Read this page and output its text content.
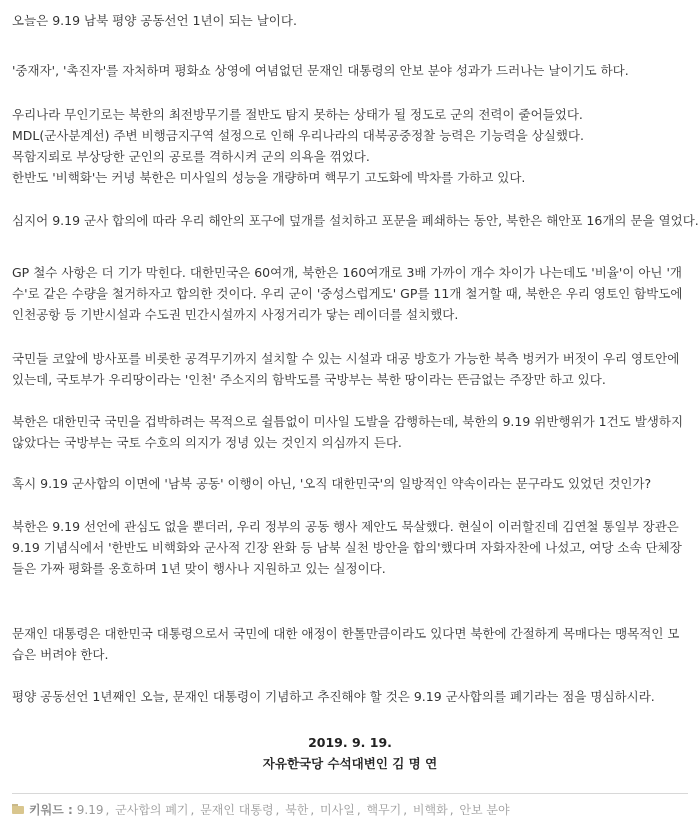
오늘은 9.19 남북 평양 공동선언 1년이 되는 날이다.
'중재자', '촉진자'를 자처하며 평화쇼 상영에 여념없던 문재인 대통령의 안보 분야 성과가 드러나는 날이기도 하다.
우리나라 무인기로는 북한의 최전방무기를 절반도 탐지 못하는 상태가 될 정도로 군의 전력이 줄어들었다.
MDL(군사분계선) 주변 비행금지구역 설정으로 인해 우리나라의 대북공중정찰 능력은 기능력을 상실했다.
목함지뢰로 부상당한 군인의 공로를 격하시켜 군의 의욕을 꺾었다.
한반도 '비핵화'는 커녕 북한은 미사일의 성능을 개량하며 핵무기 고도화에 박차를 가하고 있다.
심지어 9.19 군사 합의에 따라 우리 해안의 포구에 덮개를 설치하고 포문을 폐쇄하는 동안, 북한은 해안포 16개의 문을 열었다.
GP 철수 사항은 더 기가 막힌다. 대한민국은 60여개, 북한은 160여개로 3배 가까이 개수 차이가 나는데도 '비율'이 아닌 '개
수'로 같은 수량을 철거하자고 합의한 것이다. 우리 군이 '중성스럽게도' GP를 11개 철거할 때, 북한은 우리 영토인 함박도에
인천공항 등 기반시설과 수도권 민간시설까지 사정거리가 닿는 레이더를 설치했다.
국민들 코앞에 방사포를 비롯한 공격무기까지 설치할 수 있는 시설과 대공 방호가 가능한 북측 벙커가 버젓이 우리 영토안에
있는데, 국토부가 우리땅이라는 '인천' 주소지의 함박도를 국방부는 북한 땅이라는 뜬금없는 주장만 하고 있다.
북한은 대한민국 국민을 겁박하려는 목적으로 쉴틈없이 미사일 도발을 감행하는데, 북한의 9.19 위반행위가 1건도 발생하지
않았다는 국방부는 국토 수호의 의지가 정녕 있는 것인지 의심까지 든다.
혹시 9.19 군사합의 이면에 '남북 공동' 이행이 아닌, '오직 대한민국'의 일방적인 약속이라는 문구라도 있었던 것인가?
북한은 9.19 선언에 관심도 없을 뿐더러, 우리 정부의 공동 행사 제안도 묵살했다. 현실이 이러할진데 김연철 통일부 장관은
9.19 기념식에서 '한반도 비핵화와 군사적 긴장 완화 등 남북 실천 방안을 합의'했다며 자화자찬에 나섰고, 여당 소속 단체장
들은 가짜 평화를 옹호하며 1년 맞이 행사나 지원하고 있는 실정이다.
문재인 대통령은 대한민국 대통령으로서 국민에 대한 애정이 한톨만큼이라도 있다면 북한에 간절하게 목매다는 맹목적인 모
습은 버려야 한다.
평양 공동선언 1년째인 오늘, 문재인 대통령이 기념하고 추진해야 할 것은 9.19 군사합의를 폐기라는 점을 명심하시라.
2019. 9. 19.
자유한국당 수석대변인 김 명 연
키워드 : 9.19 , 군사합의 폐기 , 문재인 대통령 , 북한 , 미사일 , 핵무기 , 비핵화 , 안보 분야
